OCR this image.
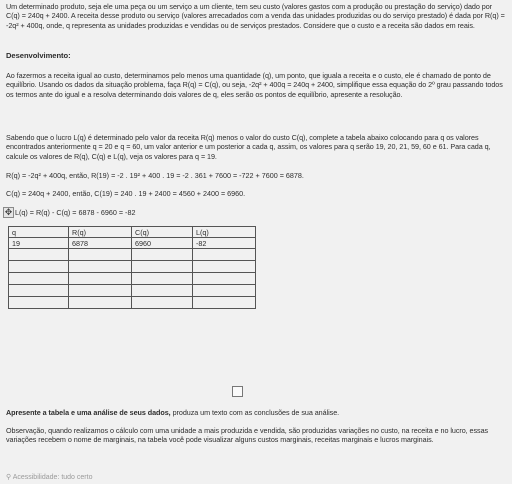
Um determinado produto, seja ele uma peça ou um serviço a um cliente, tem seu custo (valores gastos com a produção ou prestação do serviço) dado por C(q) = 240q + 2400. A receita desse produto ou serviço (valores arrecadados com a venda das unidades produzidas ou do serviço prestado) é dada por R(q) = -2q² + 400q, onde, q representa as unidades produzidas e vendidas ou de serviços prestados. Considere que o custo e a receita são dados em reais.

Desenvolvimento:

Ao fazermos a receita igual ao custo, determinamos pelo menos uma quantidade (q), um ponto, que iguala a receita e o custo, ele é chamado de ponto de equilíbrio. Usando os dados da situação problema, faça R(q) = C(q), ou seja, -2q² + 400q = 240q + 2400, simplifique essa equação do 2º grau passando todos os termos ante do igual e a resolva determinando dois valores de q, eles serão os pontos de equilíbrio, apresente a resolução.

Sabendo que o lucro L(q) é determinado pelo valor da receita R(q) menos o valor do custo C(q), complete a tabela abaixo colocando para q os valores encontrados anteriormente q = 20 e q = 60, um valor anterior e um posterior a cada q, assim, os valores para q serão 19, 20, 21, 59, 60 e 61. Para cada q, calcule os valores de R(q), C(q) e L(q), veja os valores para q = 19.

R(q) = -2q² + 400q, então, R(19) = -2 . 19² + 400 . 19 = -2 . 361 + 7600 = -722 + 7600 = 6878.

C(q) = 240q + 2400, então, C(19) = 240 . 19 + 2400 = 4560 + 2400 = 6960.

✥ L(q) = R(q) - C(q) = 6878 - 6960 = -82

q	R(q)	C(q)	L(q)
19	6878	6960	-82

Apresente a tabela e uma análise de seus dados, produza um texto com as conclusões de sua análise.

Observação, quando realizamos o cálculo com uma unidade a mais produzida e vendida, são produzidas variações no custo, na receita e no lucro, essas variações recebem o nome de marginais, na tabela você pode visualizar alguns custos marginais, receitas marginais e lucros marginais.

⚲ Acessibilidade: tudo certo
